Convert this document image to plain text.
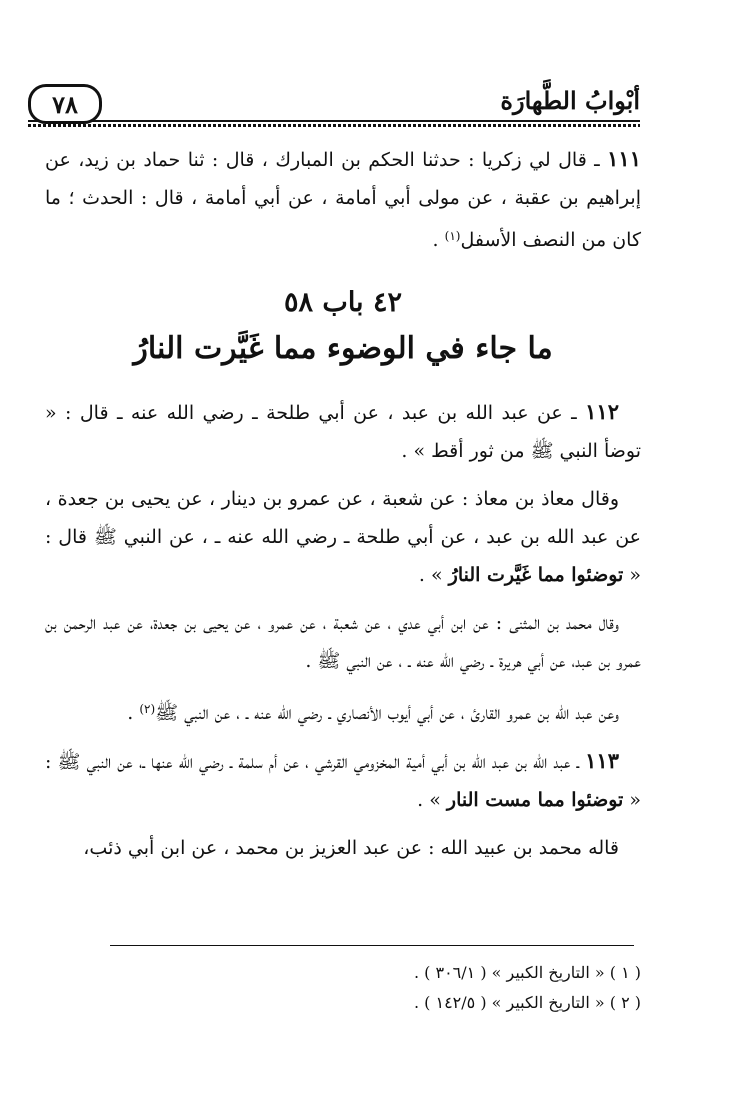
أبْوابُ الطَّهارَة
٧٨

١١١ ـ قال لي زكريا : حدثنا الحكم بن المبارك ، قال : ثنا حماد بن زيد، عن إبراهيم بن عقبة ، عن مولى أبي أمامة ، عن أبي أمامة ، قال : الحدث ؛ ما كان من النصف الأسفل$^{(١)}$ .

٤٢ باب ٥٨
ما جاء في الوضوء مما غَيَّرت النارُ

١١٢ ـ عن عبد الله بن عبد ، عن أبي طلحة ـ رضي الله عنه ـ قال : « توضأ النبي ﷺ من ثور أقط » .

وقال معاذ بن معاذ : عن شعبة ، عن عمرو بن دينار ، عن يحيى بن جعدة ، عن عبد الله بن عبد ، عن أبي طلحة ـ رضي الله عنه ـ ، عن النبي ﷺ قال : « توضئوا مما غَيَّرت النارُ » .

وقال محمد بن المثنى : عن ابن أبي عدي ، عن شعبة ، عن عمرو ، عن يحيى بن جعدة، عن عبد الرحمن بن عمرو بن عبد، عن أبي هريرة ـ رضي الله عنه ـ ، عن النبي ﷺ .

وعن عبد الله بن عمرو القارئ ، عن أبي أيوب الأنصاري ـ رضي الله عنه ـ ، عن النبي ﷺ$^{(٢)}$ .

١١٣ ـ عبد الله بن عبد الله بن أبي أمية المخزومي القرشي ، عن أم سلمة ـ رضي الله عنها ـ، عن النبي ﷺ : « توضئوا مما مست النار » .

قاله محمد بن عبيد الله : عن عبد العزيز بن محمد ، عن ابن أبي ذئب،

( ١ ) « التاريخ الكبير » ( ٣٠٦/١ ) .

( ٢ ) « التاريخ الكبير » ( ١٤٢/٥ ) .
